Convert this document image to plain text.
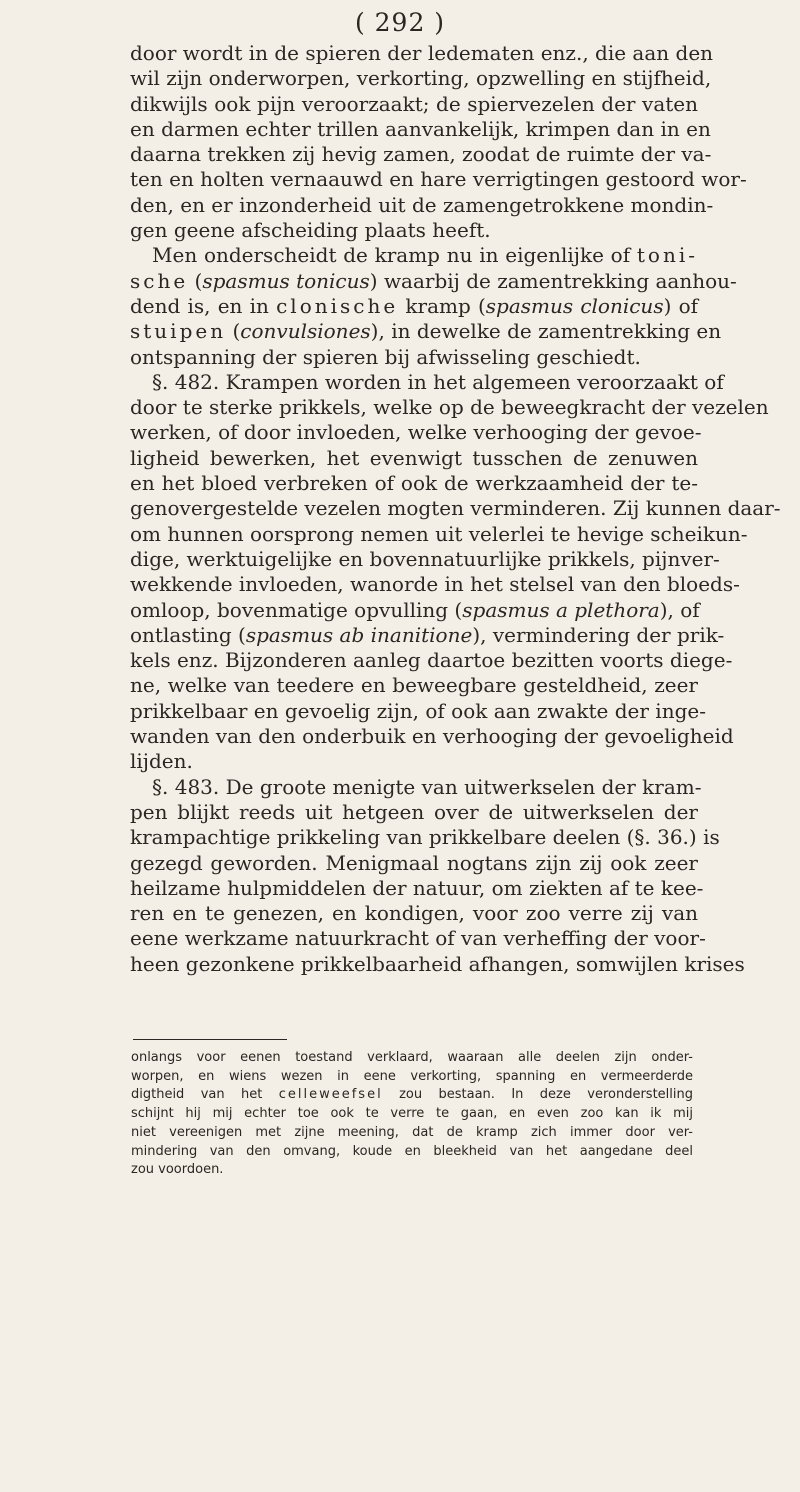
( 292 )
door wordt in de spieren der ledematen enz., die aan den
wil zijn onderworpen, verkorting, opzwelling en stijfheid,
dikwijls ook pijn veroorzaakt; de spiervezelen der vaten
en darmen echter trillen aanvankelijk, krimpen dan in en
daarna trekken zij hevig zamen, zoodat de ruimte der va-
ten en holten vernaauwd en hare verrigtingen gestoord wor-
den, en er inzonderheid uit de zamengetrokkene mondin-
gen geene afscheiding plaats heeft.
Men onderscheidt de kramp nu in eigenlijke of toni-
sche (spasmus tonicus) waarbij de zamentrekking aanhou-
dend is, en in clonische kramp (spasmus clonicus) of
stuipen (convulsiones), in dewelke de zamentrekking en
ontspanning der spieren bij afwisseling geschiedt.
§. 482. Krampen worden in het algemeen veroorzaakt of
door te sterke prikkels, welke op de beweegkracht der vezelen
werken, of door invloeden, welke verhooging der gevoe-
ligheid bewerken, het evenwigt tusschen de zenuwen
en het bloed verbreken of ook de werkzaamheid der te-
genovergestelde vezelen mogten verminderen. Zij kunnen daar-
om hunnen oorsprong nemen uit velerlei te hevige scheikun-
dige, werktuigelijke en bovennatuurlijke prikkels, pijnver-
wekkende invloeden, wanorde in het stelsel van den bloeds-
omloop, bovenmatige opvulling (spasmus a plethora), of
ontlasting (spasmus ab inanitione), vermindering der prik-
kels enz. Bijzonderen aanleg daartoe bezitten voorts diege-
ne, welke van teedere en beweegbare gesteldheid, zeer
prikkelbaar en gevoelig zijn, of ook aan zwakte der inge-
wanden van den onderbuik en verhooging der gevoeligheid
lijden.
§. 483. De groote menigte van uitwerkselen der kram-
pen blijkt reeds uit hetgeen over de uitwerkselen der
krampachtige prikkeling van prikkelbare deelen (§. 36.) is
gezegd geworden. Menigmaal nogtans zijn zij ook zeer
heilzame hulpmiddelen der natuur, om ziekten af te kee-
ren en te genezen, en kondigen, voor zoo verre zij van
eene werkzame natuurkracht of van verheffing der voor-
heen gezonkene prikkelbaarheid afhangen, somwijlen krises
onlangs voor eenen toestand verklaard, waaraan alle deelen zijn onder-
worpen, en wiens wezen in eene verkorting, spanning en vermeerderde
digtheid van het celleweefsel zou bestaan. In deze veronderstelling
schijnt hij mij echter toe ook te verre te gaan, en even zoo kan ik mij
niet vereenigen met zijne meening, dat de kramp zich immer door ver-
mindering van den omvang, koude en bleekheid van het aangedane deel
zou voordoen.
